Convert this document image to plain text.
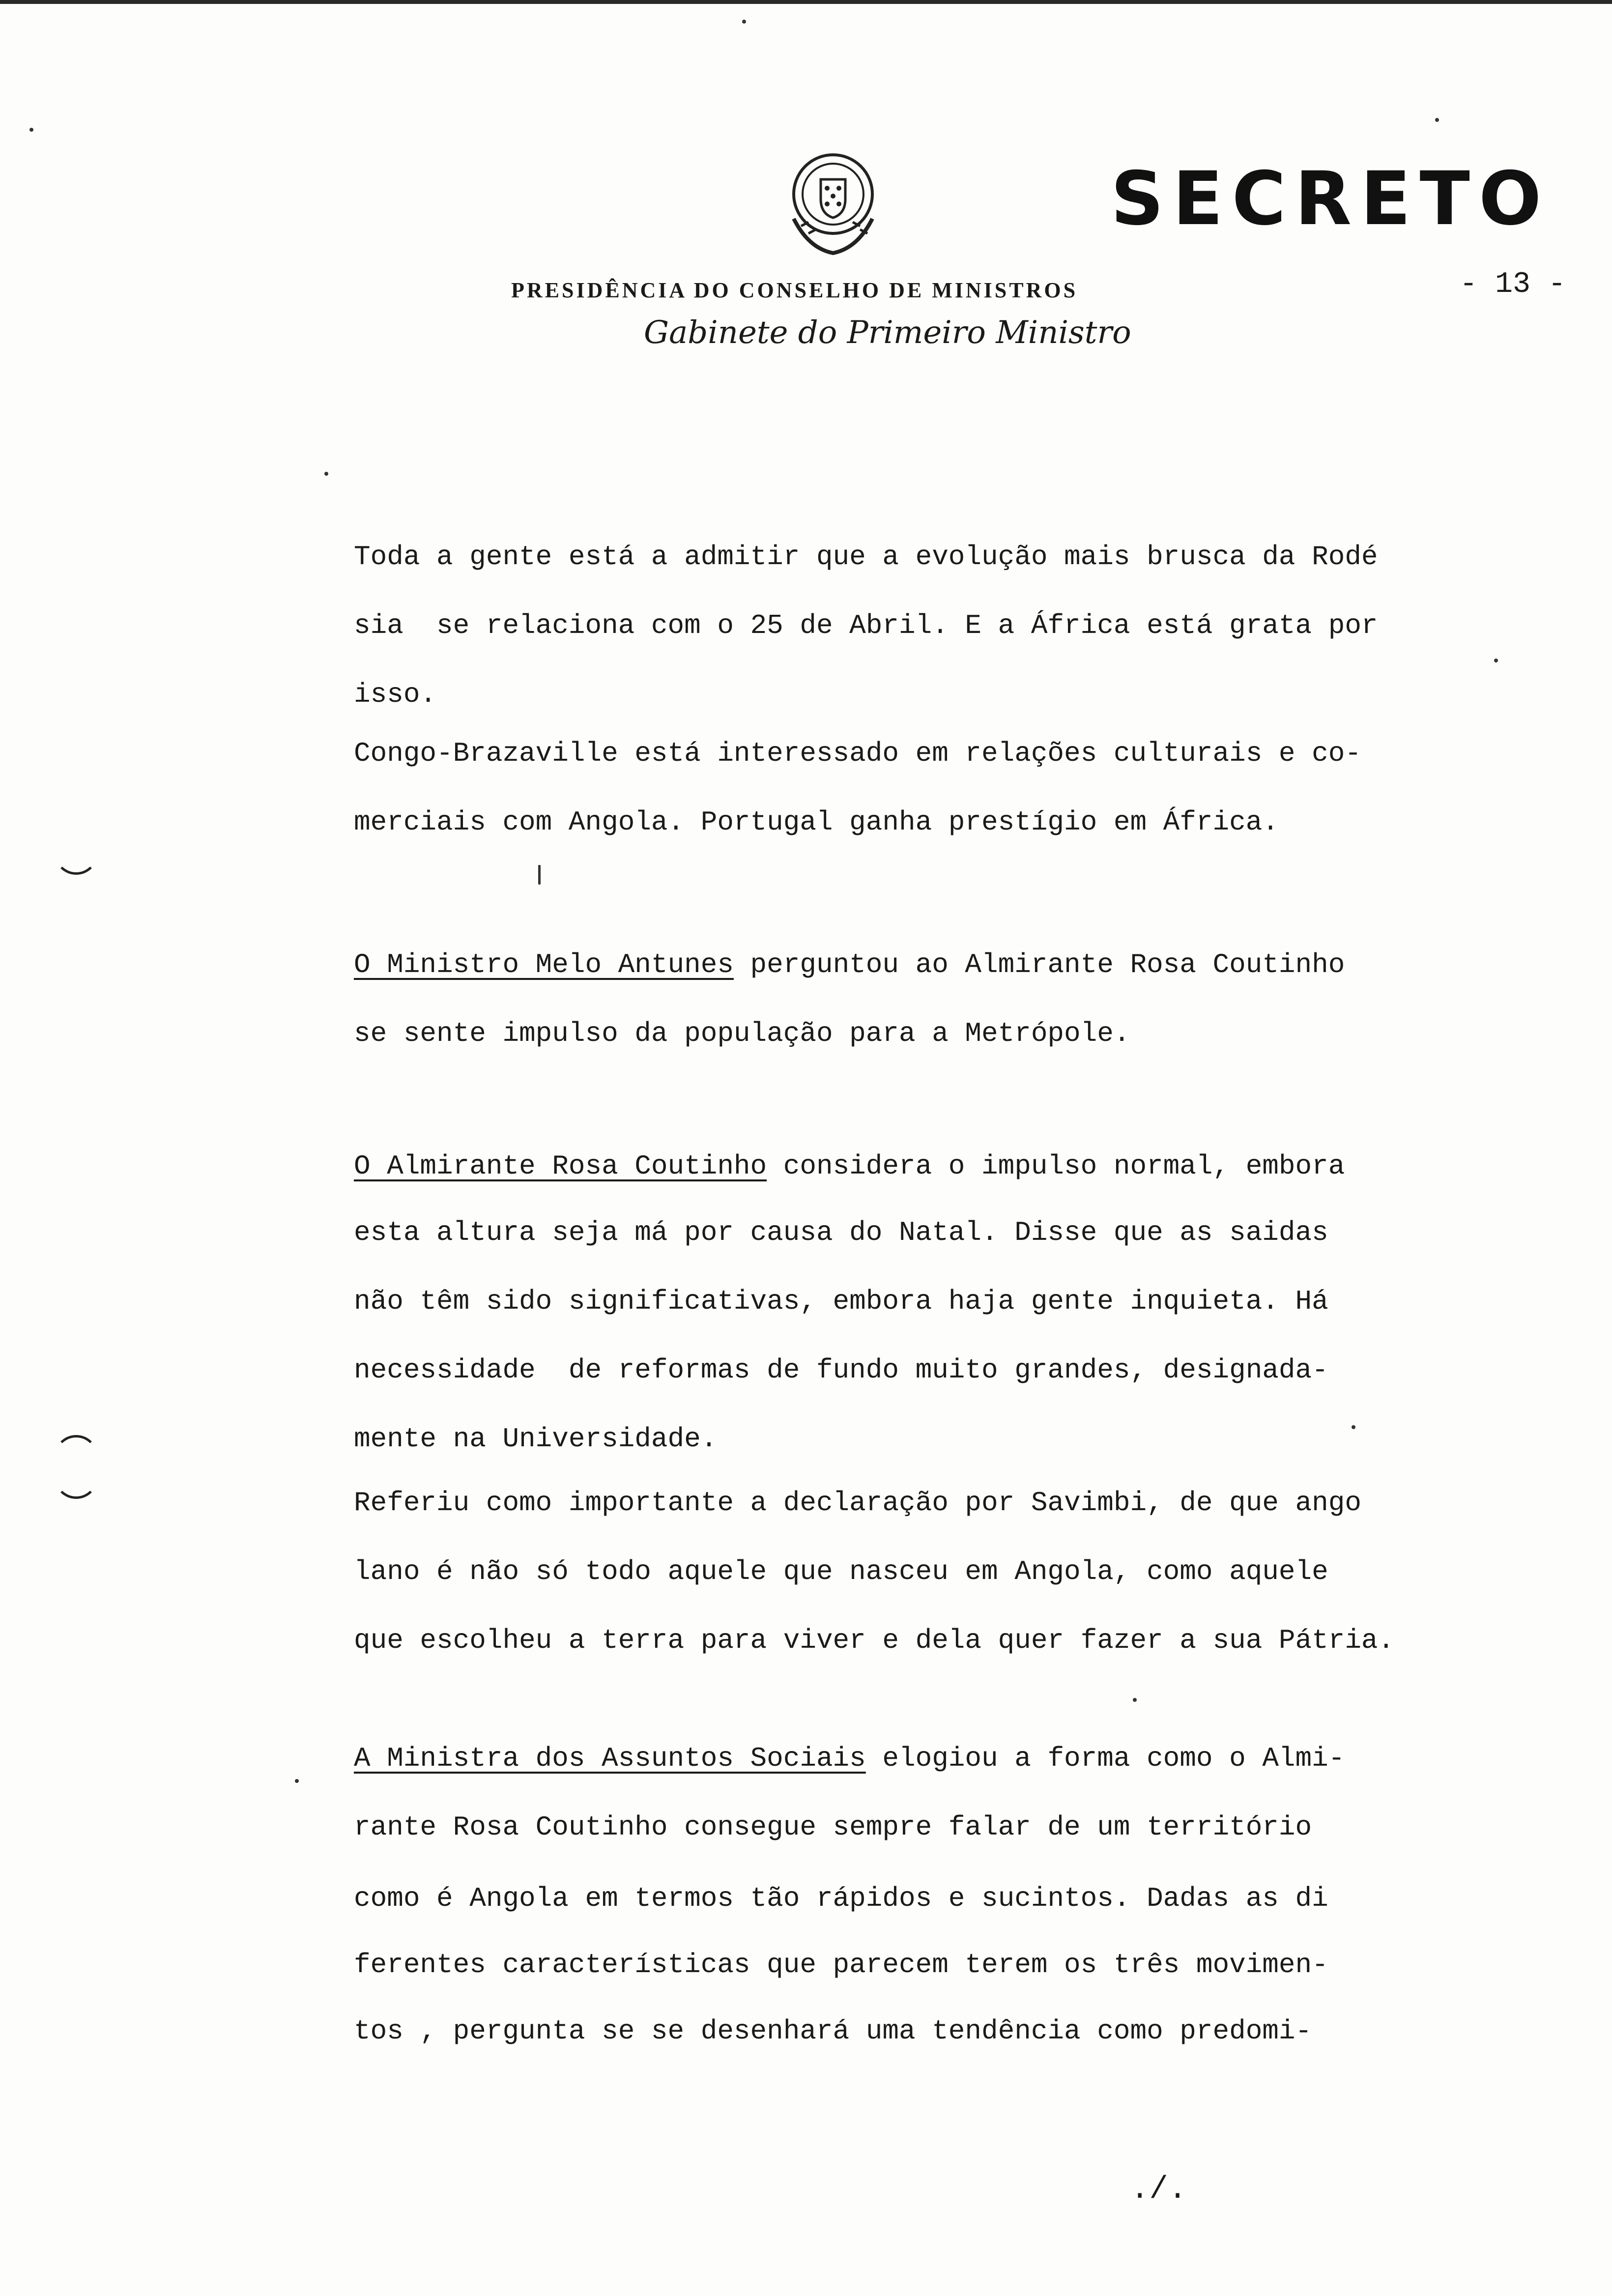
SECRETO
PRESIDÊNCIA DO CONSELHO DE MINISTROS
Gabinete do Primeiro Ministro
- 13 -

Toda a gente está a admitir que a evolução mais brusca da Rodé

sia  se relaciona com o 25 de Abril. E a África está grata por

isso.

Congo-Brazaville está interessado em relações culturais e co-

merciais com Angola. Portugal ganha prestígio em África.

O Ministro Melo Antunes perguntou ao Almirante Rosa Coutinho

se sente impulso da população para a Metrópole.

O Almirante Rosa Coutinho considera o impulso normal, embora

esta altura seja má por causa do Natal. Disse que as saidas

não têm sido significativas, embora haja gente inquieta. Há

necessidade  de reformas de fundo muito grandes, designada-

mente na Universidade.

Referiu como importante a declaração por Savimbi, de que ango

lano é não só todo aquele que nasceu em Angola, como aquele

que escolheu a terra para viver e dela quer fazer a sua Pátria.

A Ministra dos Assuntos Sociais elogiou a forma como o Almi-

rante Rosa Coutinho consegue sempre falar de um território

como é Angola em termos tão rápidos e sucintos. Dadas as di

ferentes características que parecem terem os três movimen-

tos , pergunta se se desenhará uma tendência como predomi-

./.
